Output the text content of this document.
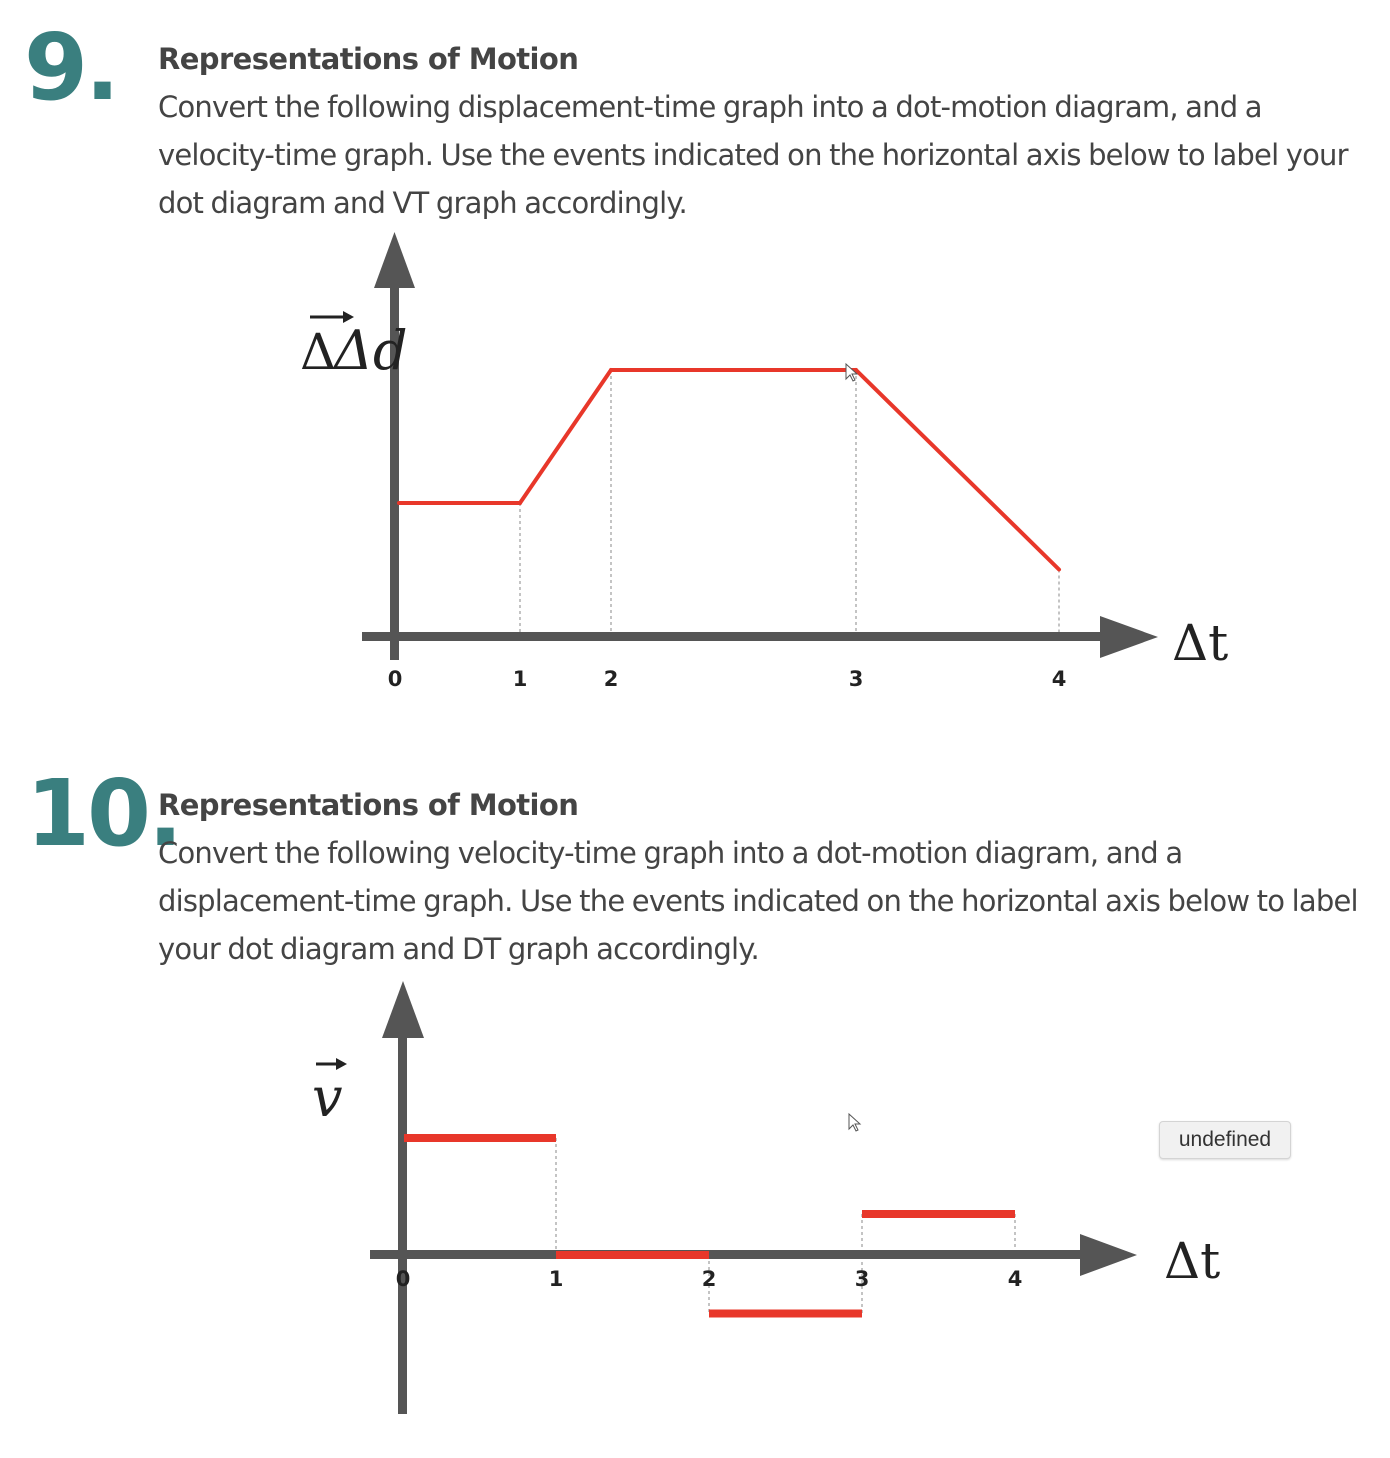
9. Representations of Motion
Convert the following displacement-time graph into a dot-motion diagram, and a velocity-time graph. Use the events indicated on the horizontal axis below to label your dot diagram and VT graph accordingly.
10.
Representations of Motion
Convert the following velocity-time graph into a dot-motion diagram, and a displacement-time graph. Use the events indicated on the horizontal axis below to label your dot diagram and DT graph accordingly.
0	1	2	3	4
Δ
Δd
Δt
0	1	2	3	4
v
Δt
undefined
